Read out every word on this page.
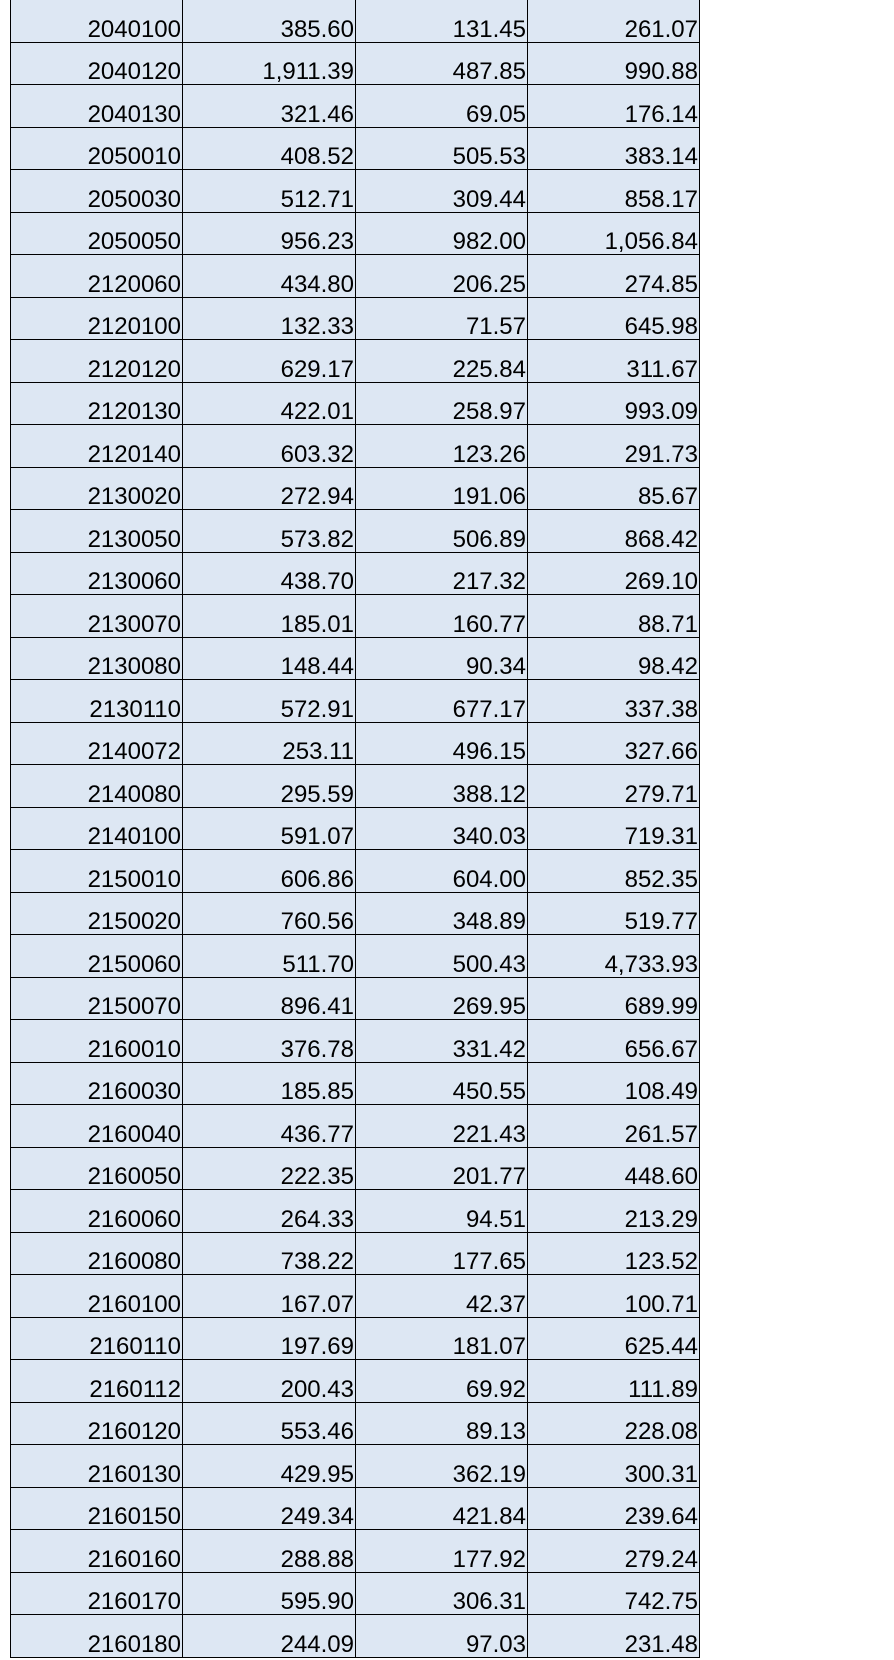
2040100	385.60	131.45	261.07
2040120	1,911.39	487.85	990.88
2040130	321.46	69.05	176.14
2050010	408.52	505.53	383.14
2050030	512.71	309.44	858.17
2050050	956.23	982.00	1,056.84
2120060	434.80	206.25	274.85
2120100	132.33	71.57	645.98
2120120	629.17	225.84	311.67
2120130	422.01	258.97	993.09
2120140	603.32	123.26	291.73
2130020	272.94	191.06	85.67
2130050	573.82	506.89	868.42
2130060	438.70	217.32	269.10
2130070	185.01	160.77	88.71
2130080	148.44	90.34	98.42
2130110	572.91	677.17	337.38
2140072	253.11	496.15	327.66
2140080	295.59	388.12	279.71
2140100	591.07	340.03	719.31
2150010	606.86	604.00	852.35
2150020	760.56	348.89	519.77
2150060	511.70	500.43	4,733.93
2150070	896.41	269.95	689.99
2160010	376.78	331.42	656.67
2160030	185.85	450.55	108.49
2160040	436.77	221.43	261.57
2160050	222.35	201.77	448.60
2160060	264.33	94.51	213.29
2160080	738.22	177.65	123.52
2160100	167.07	42.37	100.71
2160110	197.69	181.07	625.44
2160112	200.43	69.92	111.89
2160120	553.46	89.13	228.08
2160130	429.95	362.19	300.31
2160150	249.34	421.84	239.64
2160160	288.88	177.92	279.24
2160170	595.90	306.31	742.75
2160180	244.09	97.03	231.48
